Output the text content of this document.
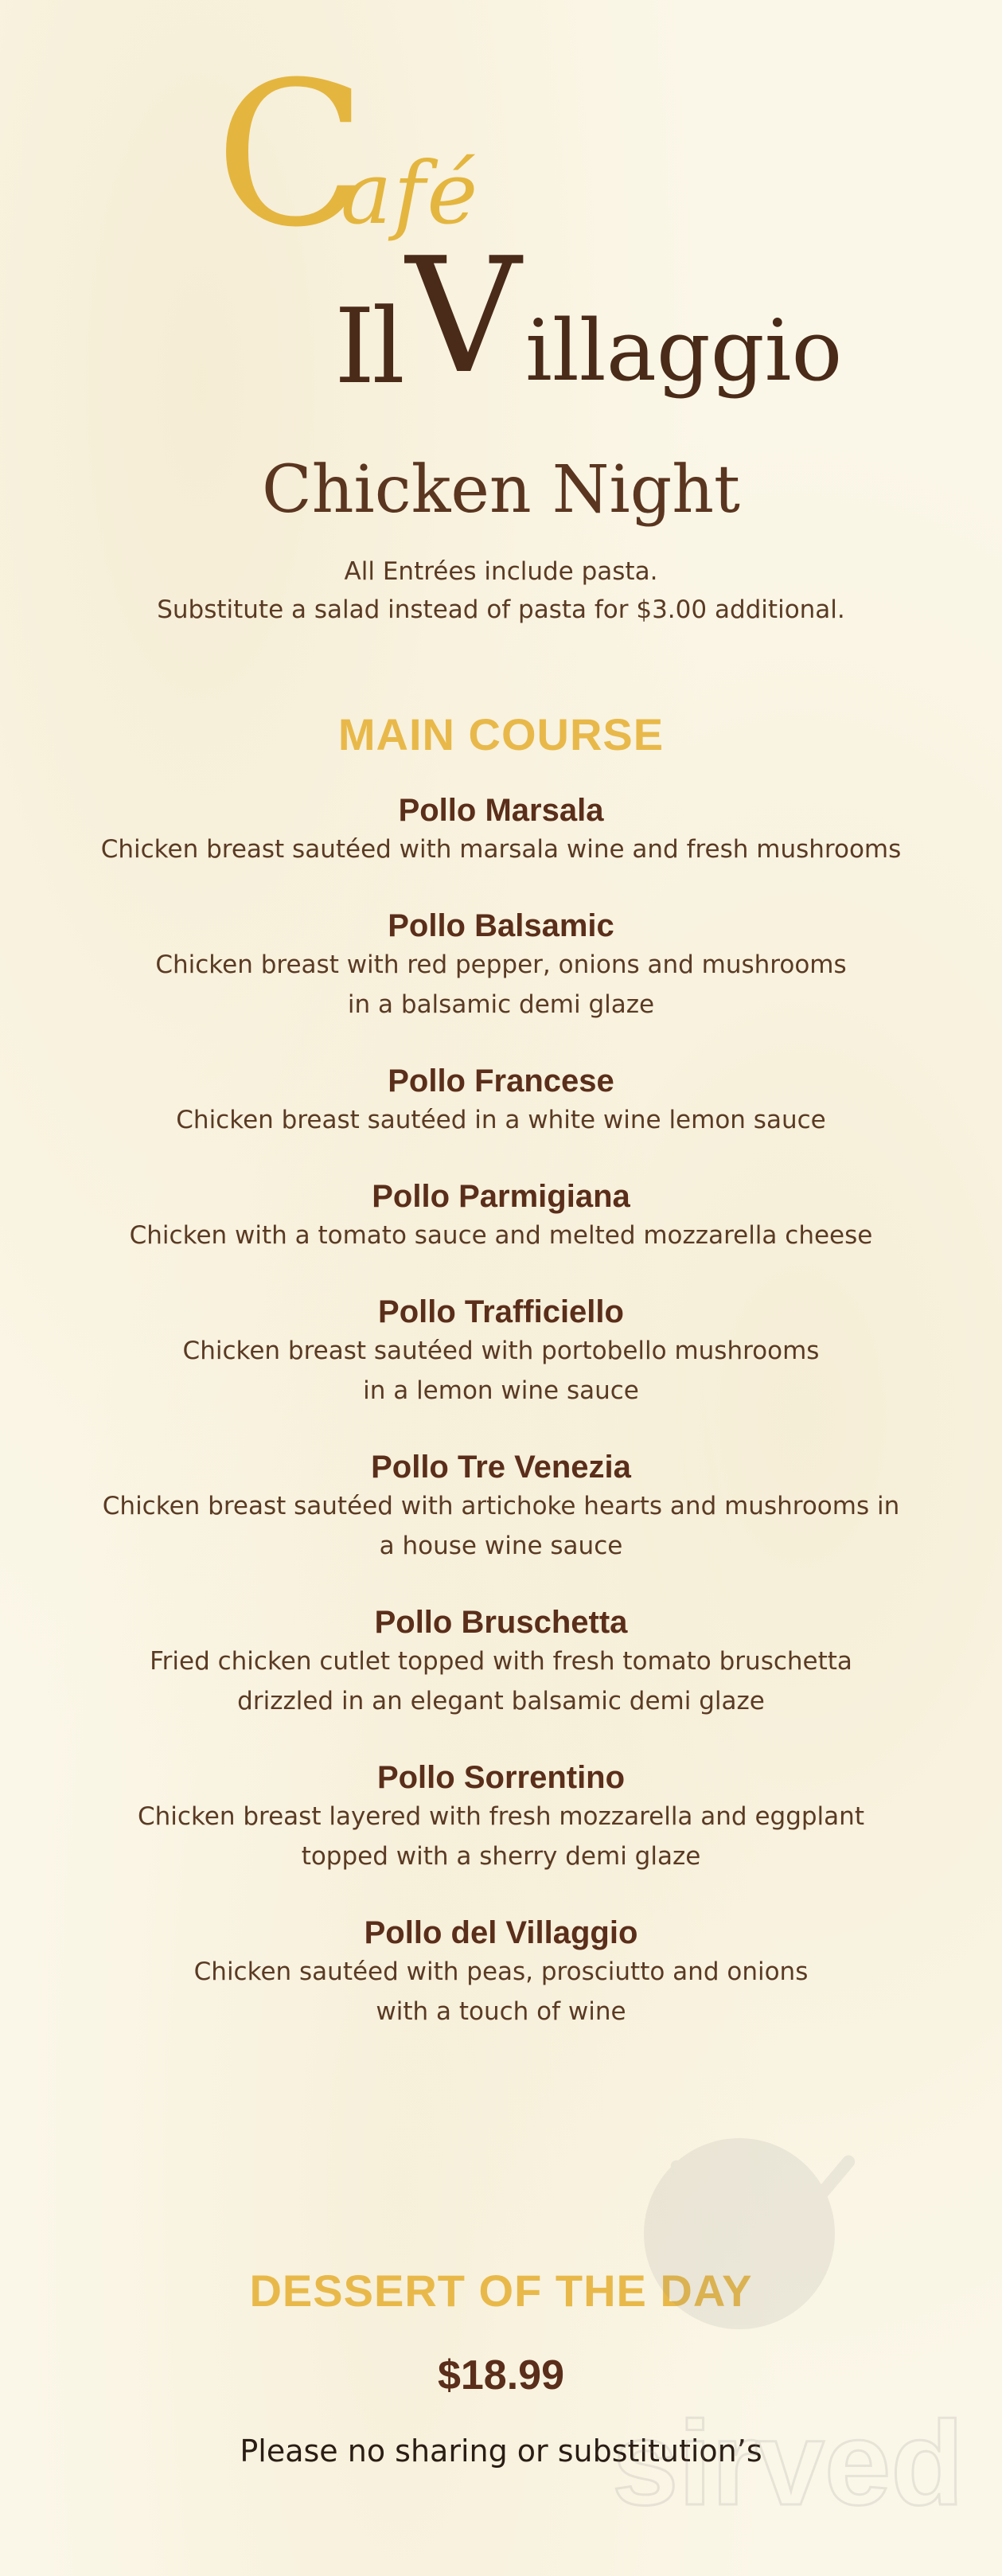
C
afé
Il V illaggio
Chicken Night
All Entrées include pasta.
Substitute a salad instead of pasta for $3.00 additional.
MAIN COURSE
Pollo Marsala
Chicken breast sautéed with marsala wine and fresh mushrooms
Pollo Balsamic
Chicken breast with red pepper, onions and mushrooms
in a balsamic demi glaze
Pollo Francese
Chicken breast sautéed in a white wine lemon sauce
Pollo Parmigiana
Chicken with a tomato sauce and melted mozzarella cheese
Pollo Trafficiello
Chicken breast sautéed with portobello mushrooms
in a lemon wine sauce
Pollo Tre Venezia
Chicken breast sautéed with artichoke hearts and mushrooms in
a house wine sauce
Pollo Bruschetta
Fried chicken cutlet topped with fresh tomato bruschetta
drizzled in an elegant balsamic demi glaze
Pollo Sorrentino
Chicken breast layered with fresh mozzarella and eggplant
topped with a sherry demi glaze
Pollo del Villaggio
Chicken sautéed with peas, prosciutto and onions
with a touch of wine
DESSERT OF THE DAY
$18.99
Please no sharing or substitution’s
sirved
